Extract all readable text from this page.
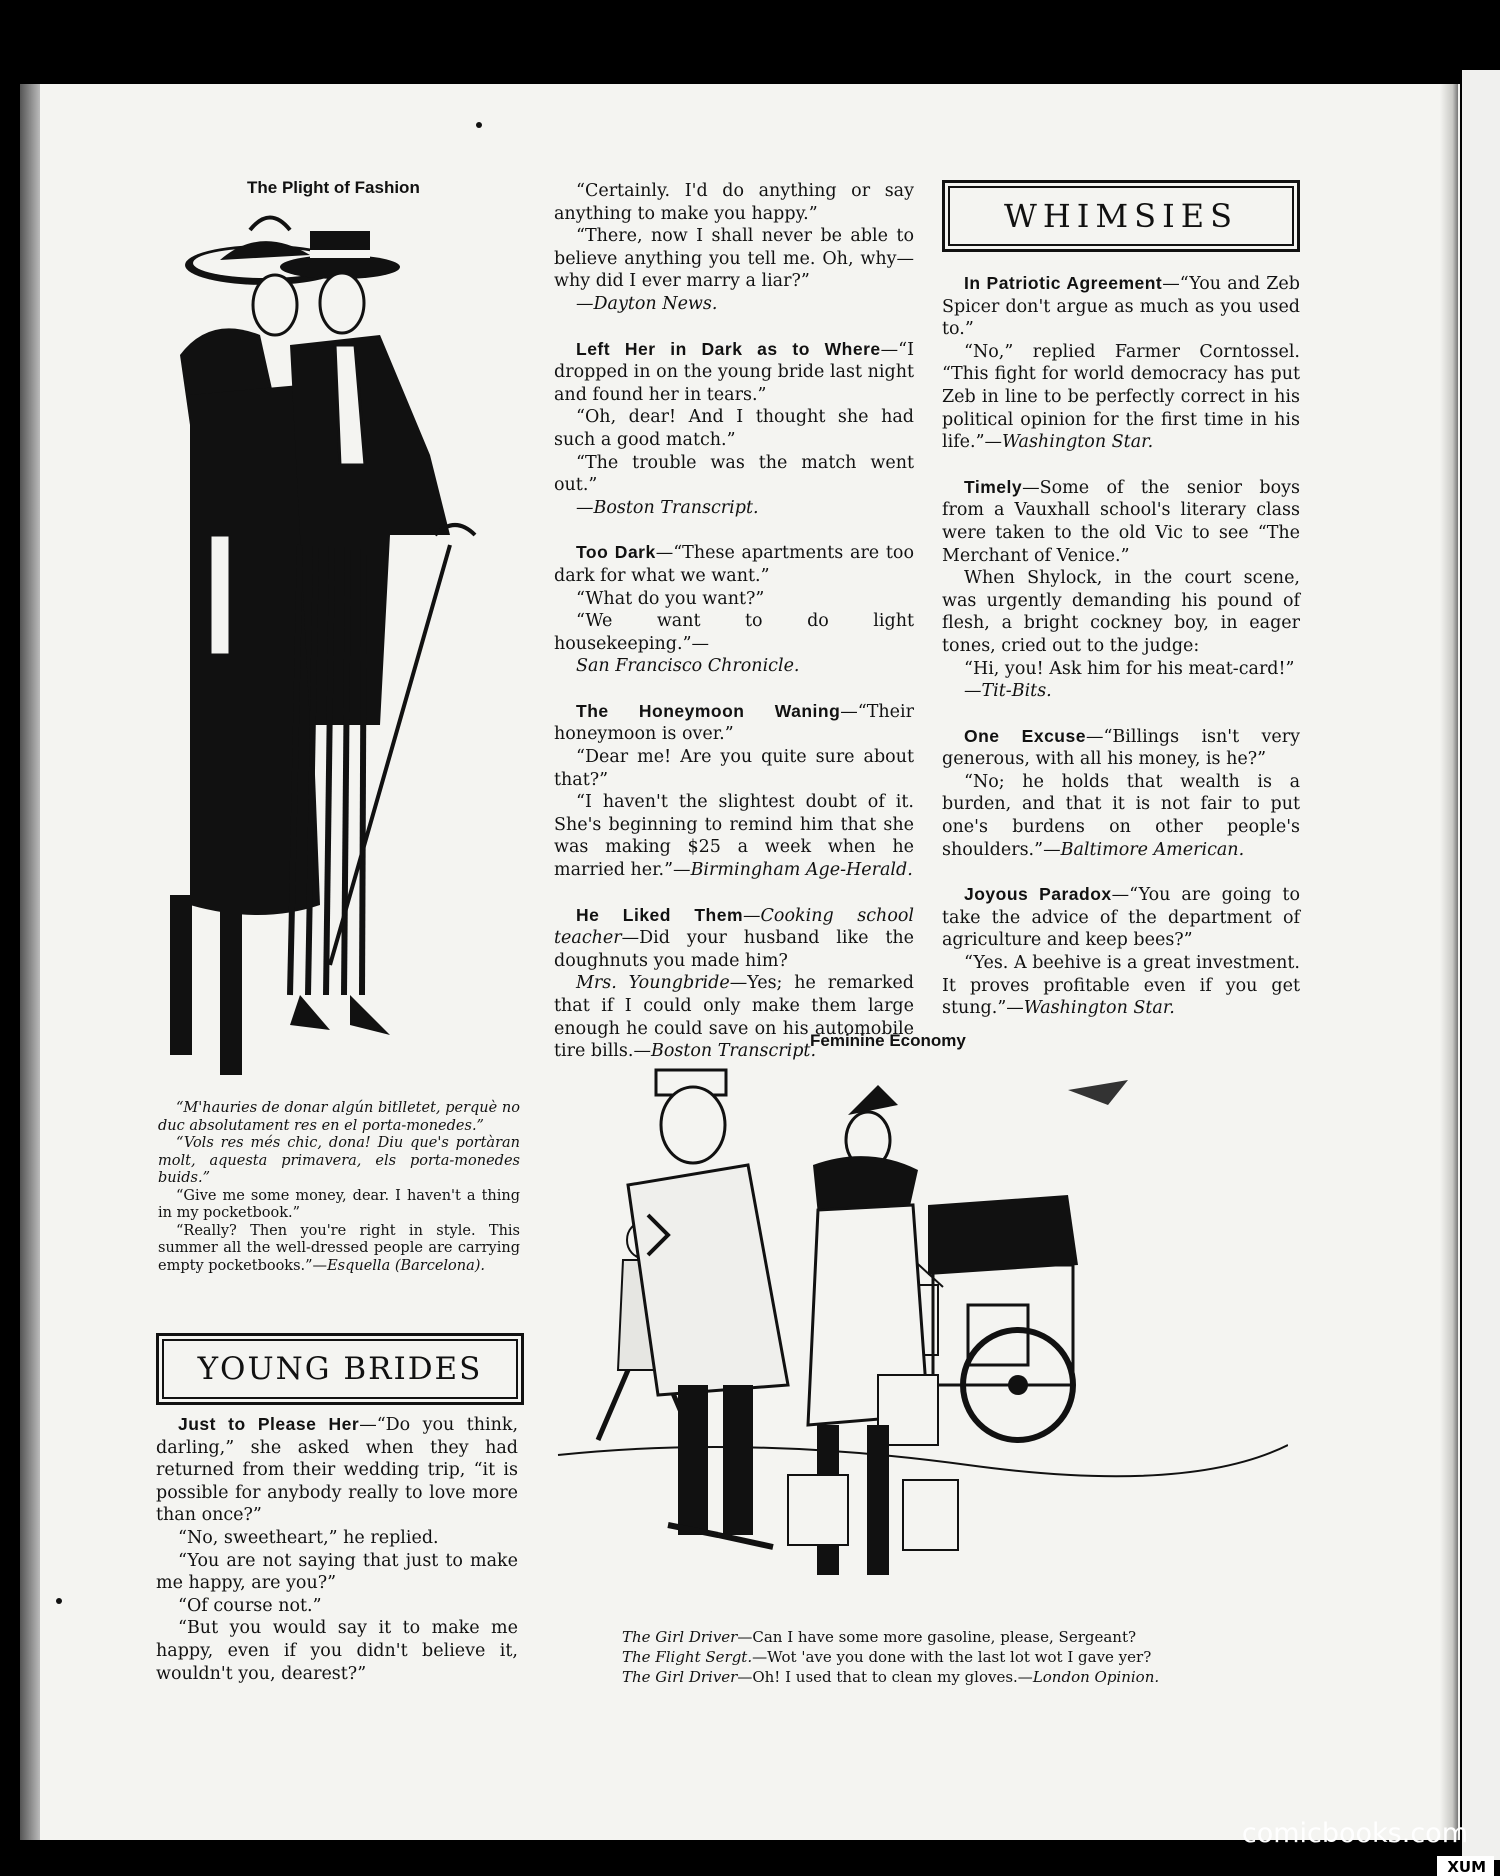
The Plight of Fashion

“M'hauries de donar algún bitlletet, perquè no duc absolutament res en el porta-monedes.”

“Vols res més chic, dona! Diu que's portàran molt, aquesta primavera, els porta-monedes buids.”

“Give me some money, dear. I haven't a thing in my pocketbook.”

“Really? Then you're right in style. This summer all the well-dressed people are carrying empty pocketbooks.”—Esquella (Barcelona).

YOUNG BRIDES

Just to Please Her—“Do you think, darling,” she asked when they had returned from their wedding trip, “it is possible for anybody really to love more than once?”

“No, sweetheart,” he replied.

“You are not saying that just to make me happy, are you?”

“Of course not.”

“But you would say it to make me happy, even if you didn't believe it, wouldn't you, dearest?”

“Certainly. I'd do anything or say anything to make you happy.”

“There, now I shall never be able to believe anything you tell me. Oh, why—why did I ever marry a liar?”

—Dayton News.

Left Her in Dark as to Where—“I dropped in on the young bride last night and found her in tears.”

“Oh, dear! And I thought she had such a good match.”

“The trouble was the match went out.”

—Boston Transcript.

Too Dark—“These apartments are too dark for what we want.”

“What do you want?”

“We want to do light housekeeping.”—

San Francisco Chronicle.

The Honeymoon Waning—“Their honeymoon is over.”

“Dear me! Are you quite sure about that?”

“I haven't the slightest doubt of it. She's beginning to remind him that she was making $25 a week when he married her.”—Birmingham Age-Herald.

He Liked Them—Cooking school teacher—Did your husband like the doughnuts you made him?

Mrs. Youngbride—Yes; he remarked that if I could only make them large enough he could save on his automobile tire bills.—Boston Transcript.

WHIMSIES

In Patriotic Agreement—“You and Zeb Spicer don't argue as much as you used to.”

“No,” replied Farmer Corntossel. “This fight for world democracy has put Zeb in line to be perfectly correct in his political opinion for the first time in his life.”—Washington Star.

Timely—Some of the senior boys from a Vauxhall school's literary class were taken to the old Vic to see “The Merchant of Venice.”

When Shylock, in the court scene, was urgently demanding his pound of flesh, a bright cockney boy, in eager tones, cried out to the judge:

“Hi, you! Ask him for his meat-card!”

—Tit-Bits.

One Excuse—“Billings isn't very generous, with all his money, is he?”

“No; he holds that wealth is a burden, and that it is not fair to put one's burdens on other people's shoulders.”—Baltimore American.

Joyous Paradox—“You are going to take the advice of the department of agriculture and keep bees?”

“Yes. A beehive is a great investment. It proves profitable even if you get stung.”—Washington Star.

Feminine Economy
The Girl Driver—Can I have some more gasoline, please, Sergeant?
The Flight Sergt.—Wot 'ave you done with the last lot wot I gave yer?
The Girl Driver—Oh! I used that to clean my gloves.—London Opinion.
comicbooks.com
XUM
